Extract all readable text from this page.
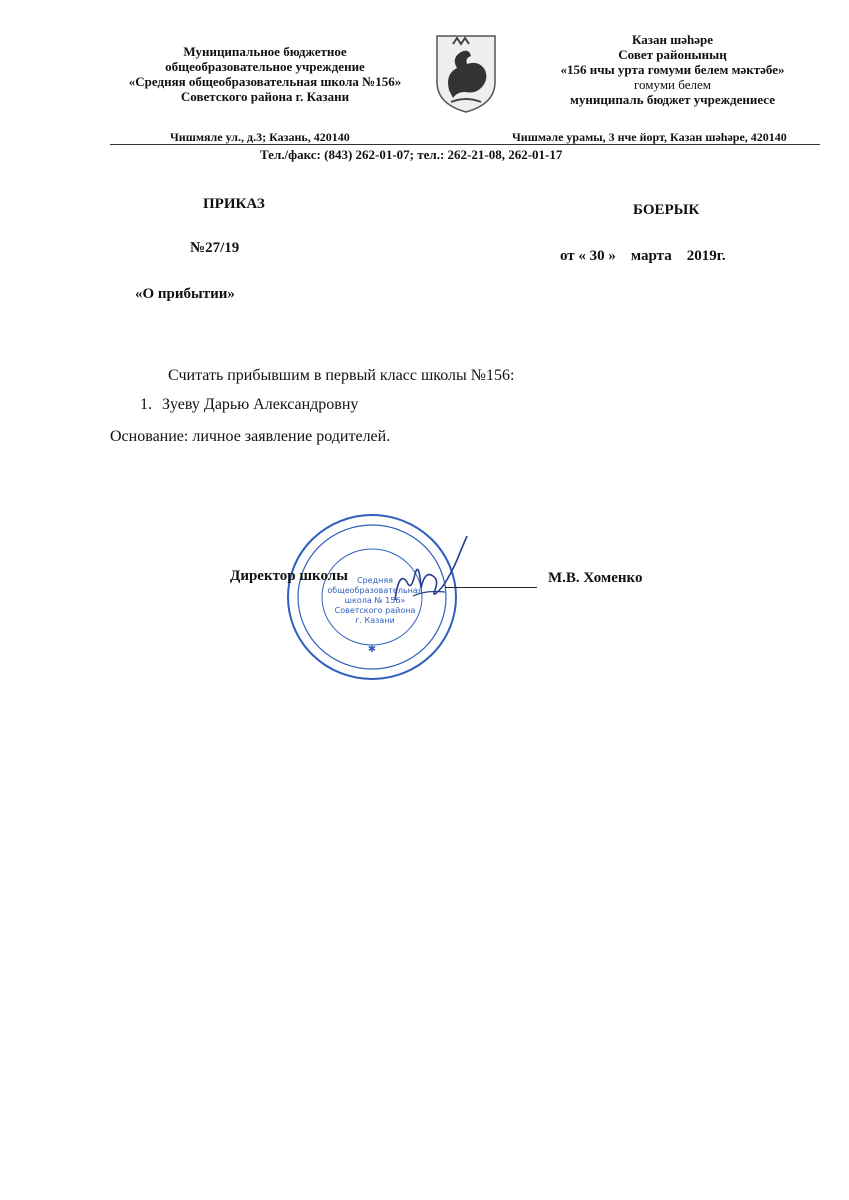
Муниципальное бюджетное
общеобразовательное учреждение
«Средняя общеобразовательная школа №156»
Советского района г. Казани
Казан шәһәре
Совет районының
«156 нчы урта гомуми белем мәктәбе»
гомуми белем
муниципаль бюджет учреждениесе
Чишмяле ул., д.3; Казань, 420140	Чишмәле урамы, 3 нче йорт, Казан шәһәре, 420140
Тел./факс: (843) 262-01-07; тел.: 262-21-08, 262-01-17
ПРИКАЗ	БОЕРЫК
№27/19	от « 30 »    марта    2019г.
«О прибытии»
Считать прибывшим в первый класс школы №156:
1. Зуеву Дарью Александровну
Основание: личное заявление родителей.
✱
Средняя
общеобразовательная
школа № 156»
Советского района
г. Казани
Директор школы	М.В. Хоменко
